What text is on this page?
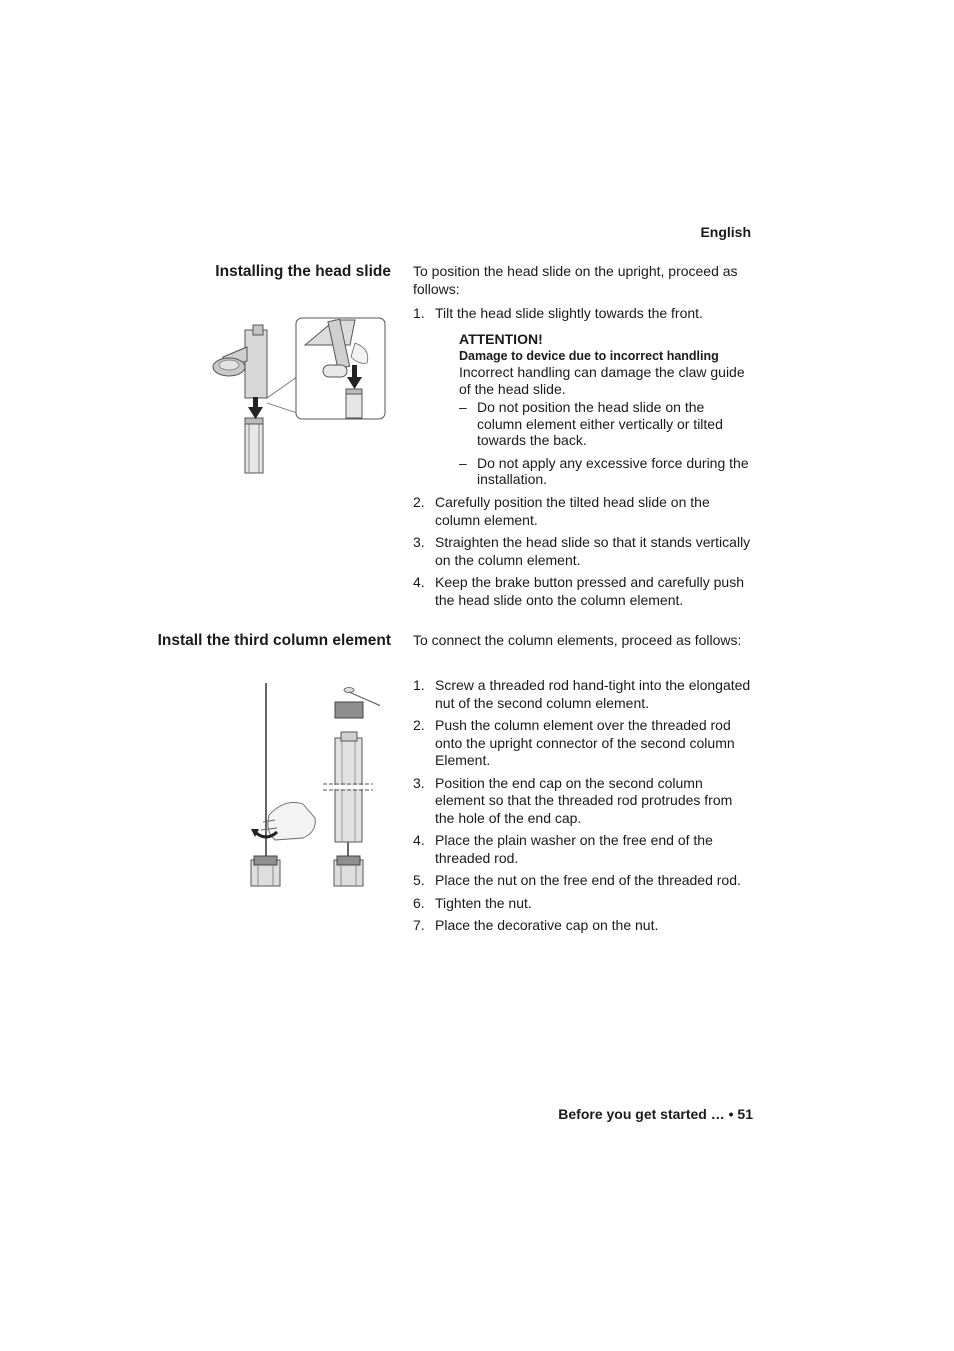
English
Installing the head slide To position the head slide on the upright, proceed as follows:
1. Tilt the head slide slightly towards the front.
ATTENTION!
Damage to device due to incorrect handling
Incorrect handling can damage the claw guide of the head slide.
– Do not position the head slide on the column element either vertically or tilted towards the back.
– Do not apply any excessive force during the installation.
2. Carefully position the tilted head slide on the column element.
3. Straighten the head slide so that it stands vertically on the column element.
4. Keep the brake button pressed and carefully push the head slide onto the column element.
Install the third column element To connect the column elements, proceed as follows:
1. Screw a threaded rod hand-tight into the elongated nut of the second column element.
2. Push the column element over the threaded rod onto the upright connector of the second column Element.
3. Position the end cap on the second column element so that the threaded rod protrudes from the hole of the end cap.
4. Place the plain washer on the free end of the threaded rod.
5. Place the nut on the free end of the threaded rod.
6. Tighten the nut.
7. Place the decorative cap on the nut.
Before you get started … • 51
